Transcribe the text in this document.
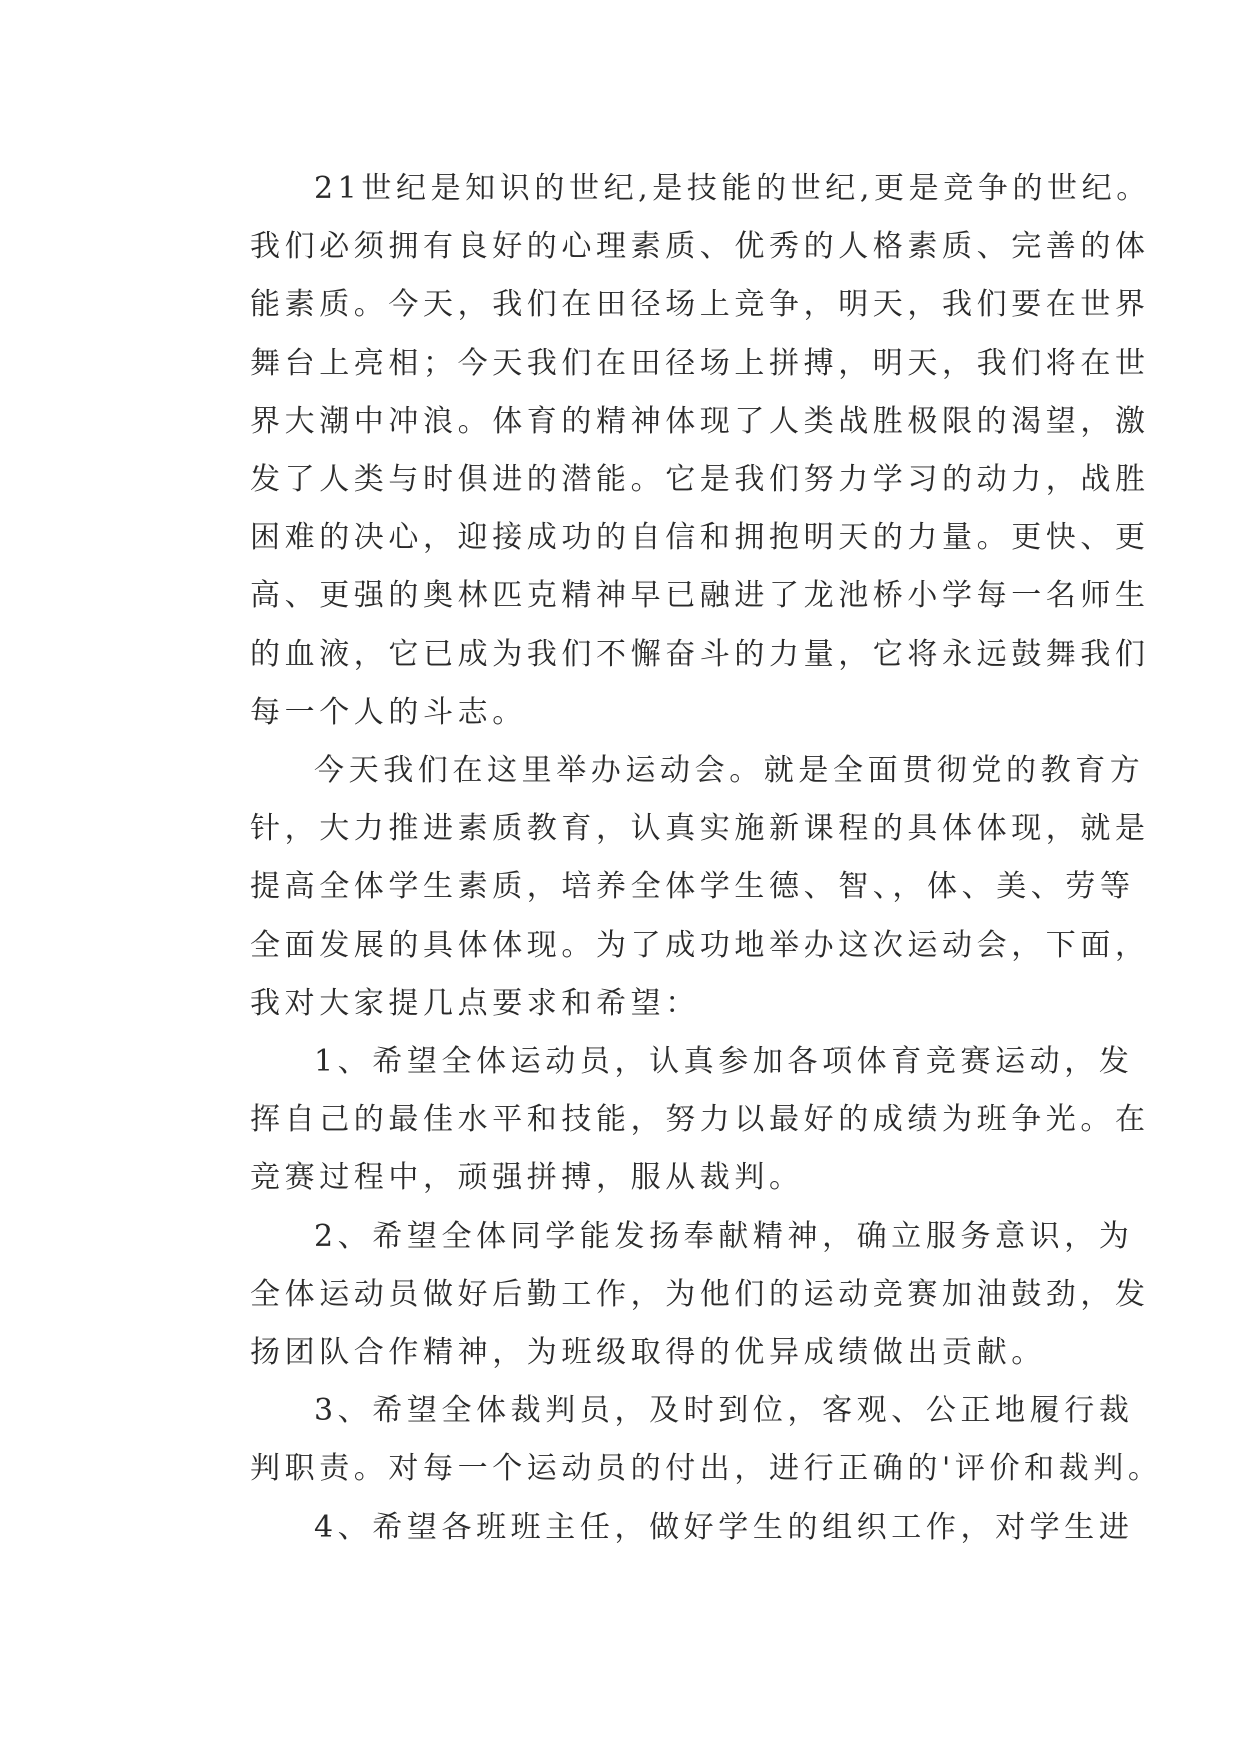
21世纪是知识的世纪,是技能的世纪,更是竞争的世纪。
我们必须拥有良好的心理素质、优秀的人格素质、完善的体
能素质。今天，我们在田径场上竞争，明天，我们要在世界
舞台上亮相；今天我们在田径场上拼搏，明天，我们将在世
界大潮中冲浪。体育的精神体现了人类战胜极限的渴望，激
发了人类与时俱进的潜能。它是我们努力学习的动力，战胜
困难的决心，迎接成功的自信和拥抱明天的力量。更快、更
高、更强的奥林匹克精神早已融进了龙池桥小学每一名师生
的血液，它已成为我们不懈奋斗的力量，它将永远鼓舞我们
每一个人的斗志。
今天我们在这里举办运动会。就是全面贯彻党的教育方
针，大力推进素质教育，认真实施新课程的具体体现，就是
提高全体学生素质，培养全体学生德、智、，体、美、劳等
全面发展的具体体现。为了成功地举办这次运动会，下面，
我对大家提几点要求和希望：
1、希望全体运动员，认真参加各项体育竞赛运动，发
挥自己的最佳水平和技能，努力以最好的成绩为班争光。在
竞赛过程中，顽强拼搏，服从裁判。
2、希望全体同学能发扬奉献精神，确立服务意识，为
全体运动员做好后勤工作，为他们的运动竞赛加油鼓劲，发
扬团队合作精神，为班级取得的优异成绩做出贡献。
3、希望全体裁判员，及时到位，客观、公正地履行裁
判职责。对每一个运动员的付出，进行正确的'评价和裁判。
4、希望各班班主任，做好学生的组织工作，对学生进
